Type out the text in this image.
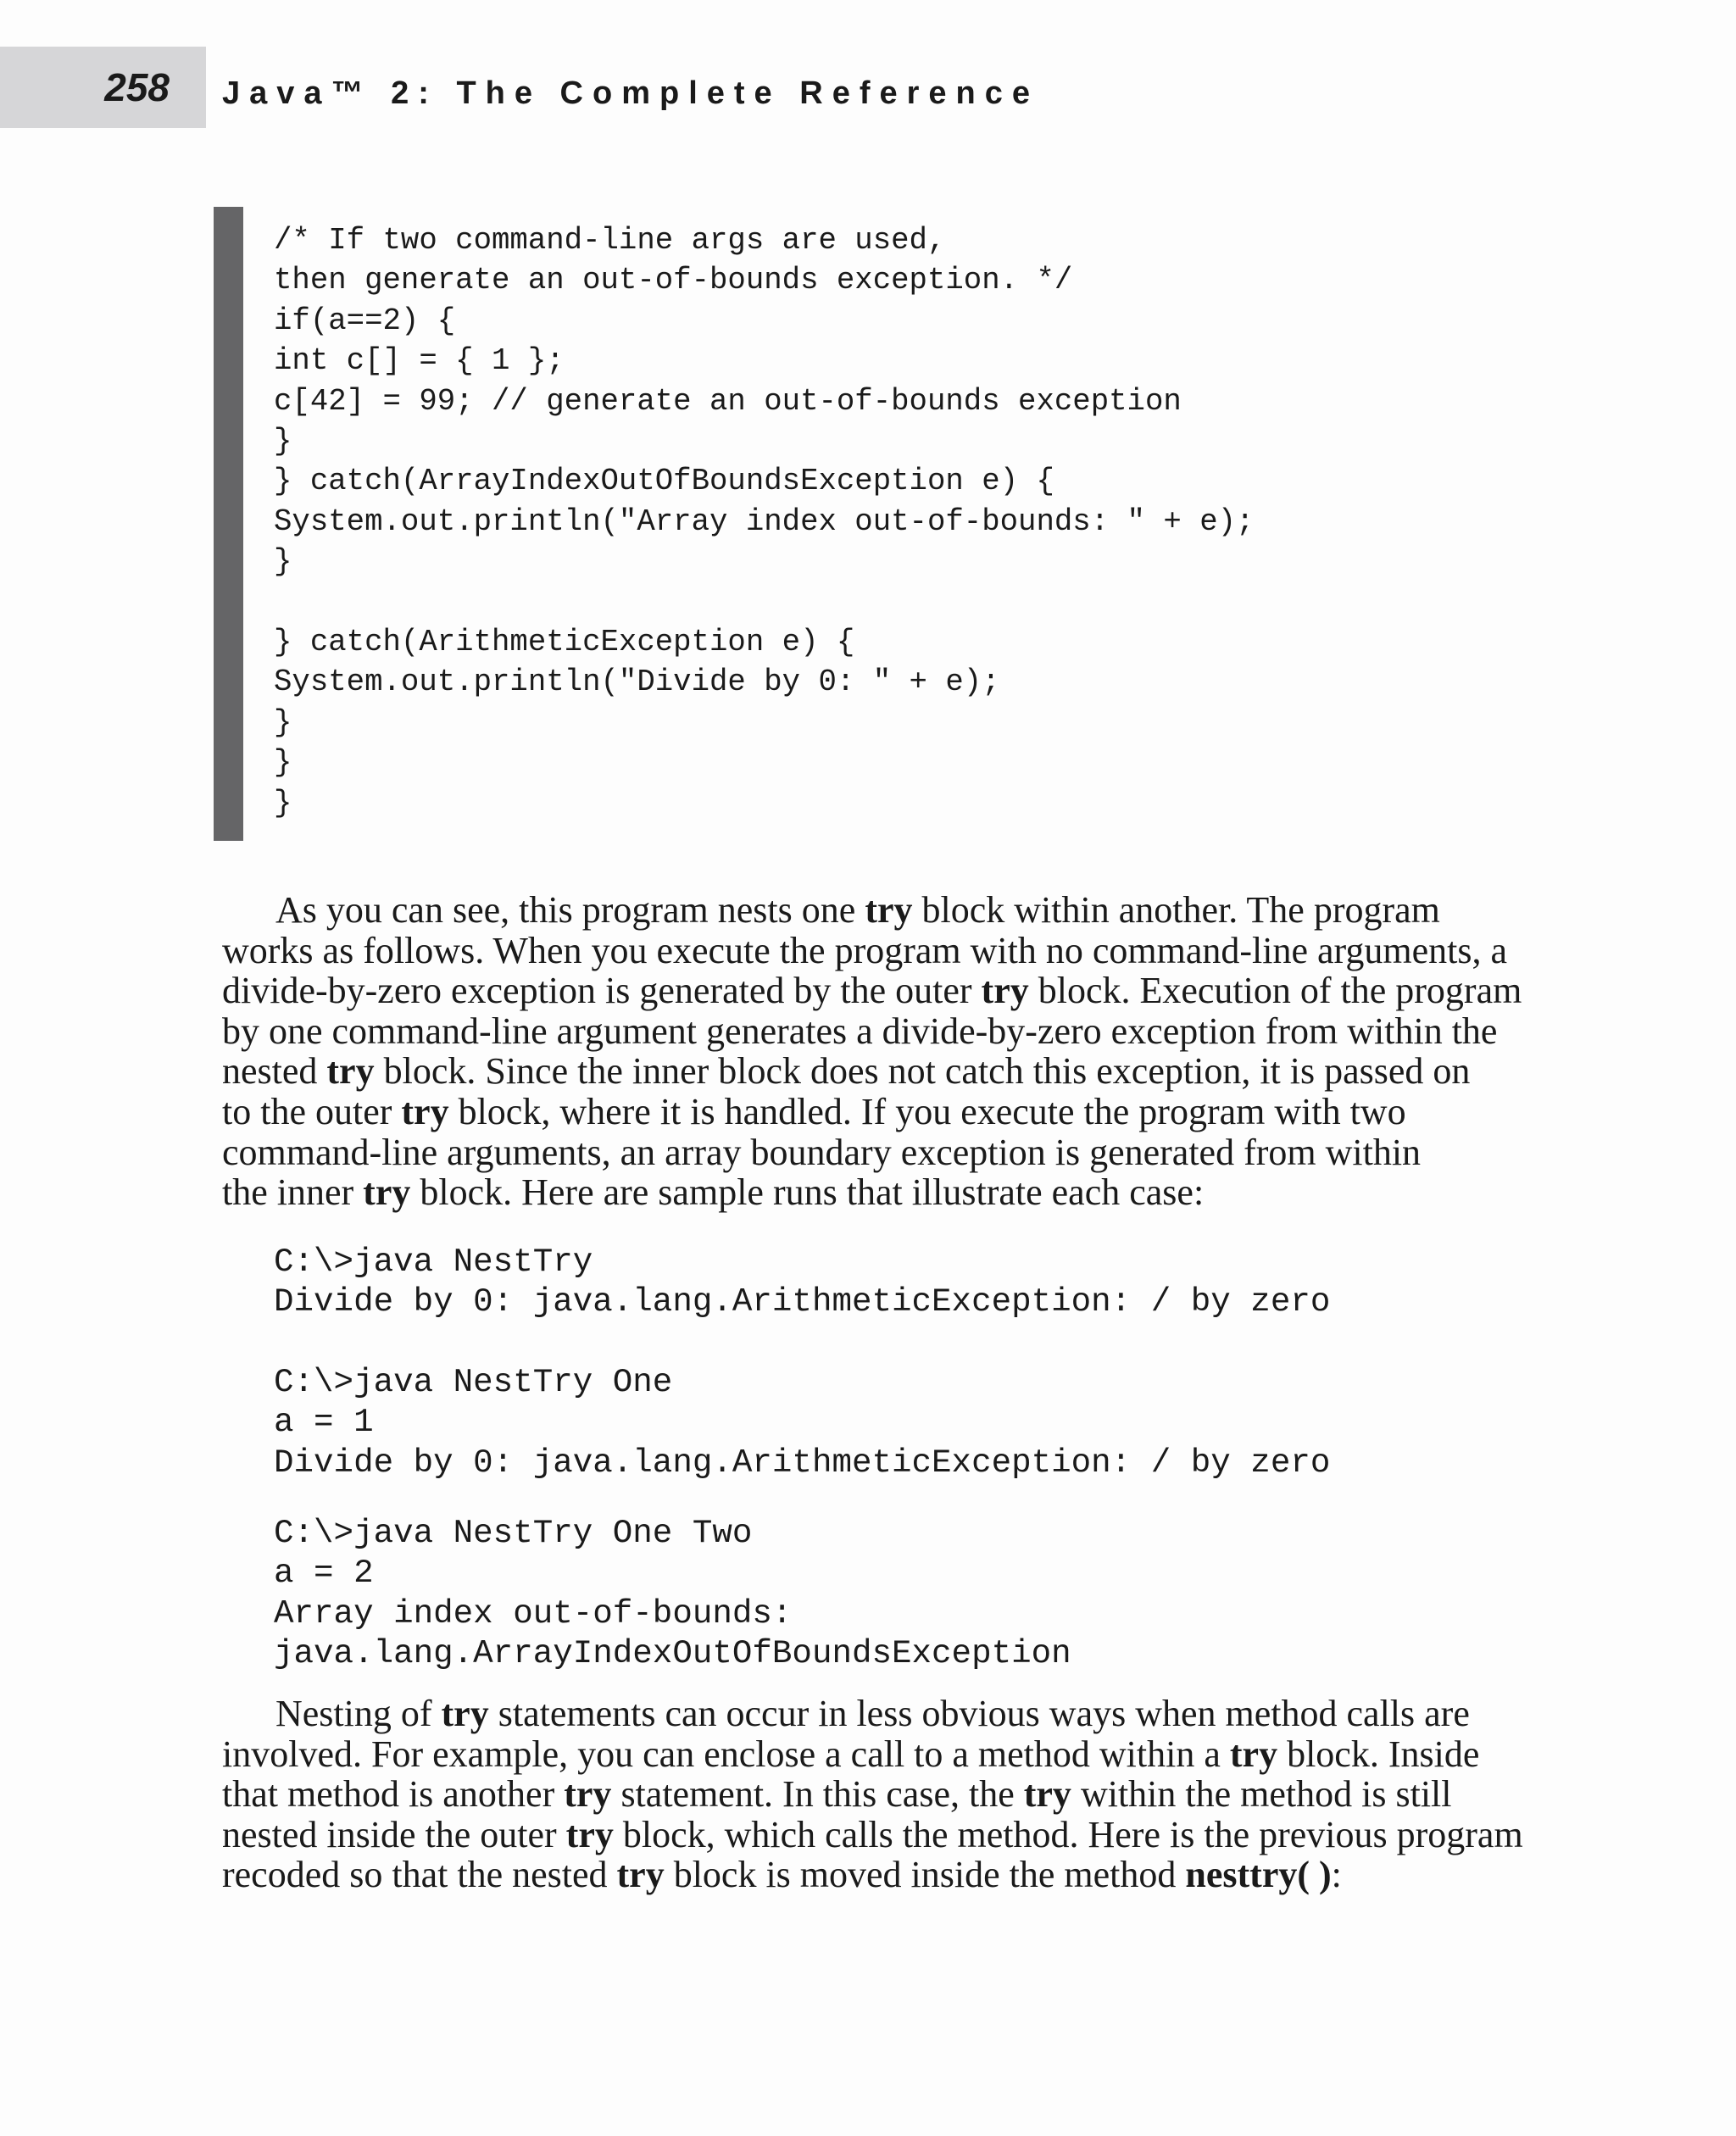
258 Java™ 2: The Complete Reference
/* If two command-line args are used,
then generate an out-of-bounds exception. */
if(a==2) {
int c[] = { 1 };
c[42] = 99; // generate an out-of-bounds exception
}
} catch(ArrayIndexOutOfBoundsException e) {
System.out.println("Array index out-of-bounds: " + e);
}

} catch(ArithmeticException e) {
System.out.println("Divide by 0: " + e);
}
}
}

As you can see, this program nests one try block within another. The program
works as follows. When you execute the program with no command-line arguments, a
divide-by-zero exception is generated by the outer try block. Execution of the program
by one command-line argument generates a divide-by-zero exception from within the
nested try block. Since the inner block does not catch this exception, it is passed on
to the outer try block, where it is handled. If you execute the program with two
command-line arguments, an array boundary exception is generated from within
the inner try block. Here are sample runs that illustrate each case:

C:\>java NestTry
Divide by 0: java.lang.ArithmeticException: / by zero
C:\>java NestTry One
a = 1
Divide by 0: java.lang.ArithmeticException: / by zero
C:\>java NestTry One Two
a = 2
Array index out-of-bounds:
java.lang.ArrayIndexOutOfBoundsException

Nesting of try statements can occur in less obvious ways when method calls are
involved. For example, you can enclose a call to a method within a try block. Inside
that method is another try statement. In this case, the try within the method is still
nested inside the outer try block, which calls the method. Here is the previous program
recoded so that the nested try block is moved inside the method nesttry( ):
